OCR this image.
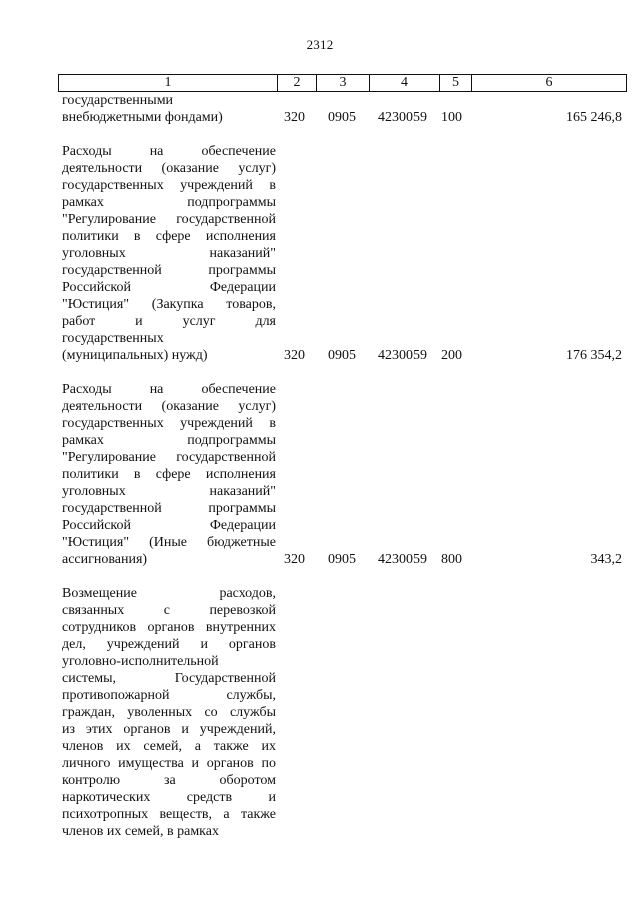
2312
1	2	3	4	5	6
государственными
внебюджетными фондами)	320	0905	4230059	100	165 246,8
Расходы на обеспечение
деятельности (оказание услуг)
государственных учреждений в
рамках подпрограммы
"Регулирование государственной
политики в сфере исполнения
уголовных наказаний"
государственной программы
Российской Федерации
"Юстиция" (Закупка товаров,
работ и услуг для
государственных
(муниципальных) нужд)	320	0905	4230059	200	176 354,2
Расходы на обеспечение
деятельности (оказание услуг)
государственных учреждений в
рамках подпрограммы
"Регулирование государственной
политики в сфере исполнения
уголовных наказаний"
государственной программы
Российской Федерации
"Юстиция" (Иные бюджетные
ассигнования)	320	0905	4230059	800	343,2
Возмещение расходов,
связанных с перевозкой
сотрудников органов внутренних
дел, учреждений и органов
уголовно-исполнительной
системы, Государственной
противопожарной службы,
граждан, уволенных со службы
из этих органов и учреждений,
членов их семей, а также их
личного имущества и органов по
контролю за оборотом
наркотических средств и
психотропных веществ, а также
членов их семей, в рамках
